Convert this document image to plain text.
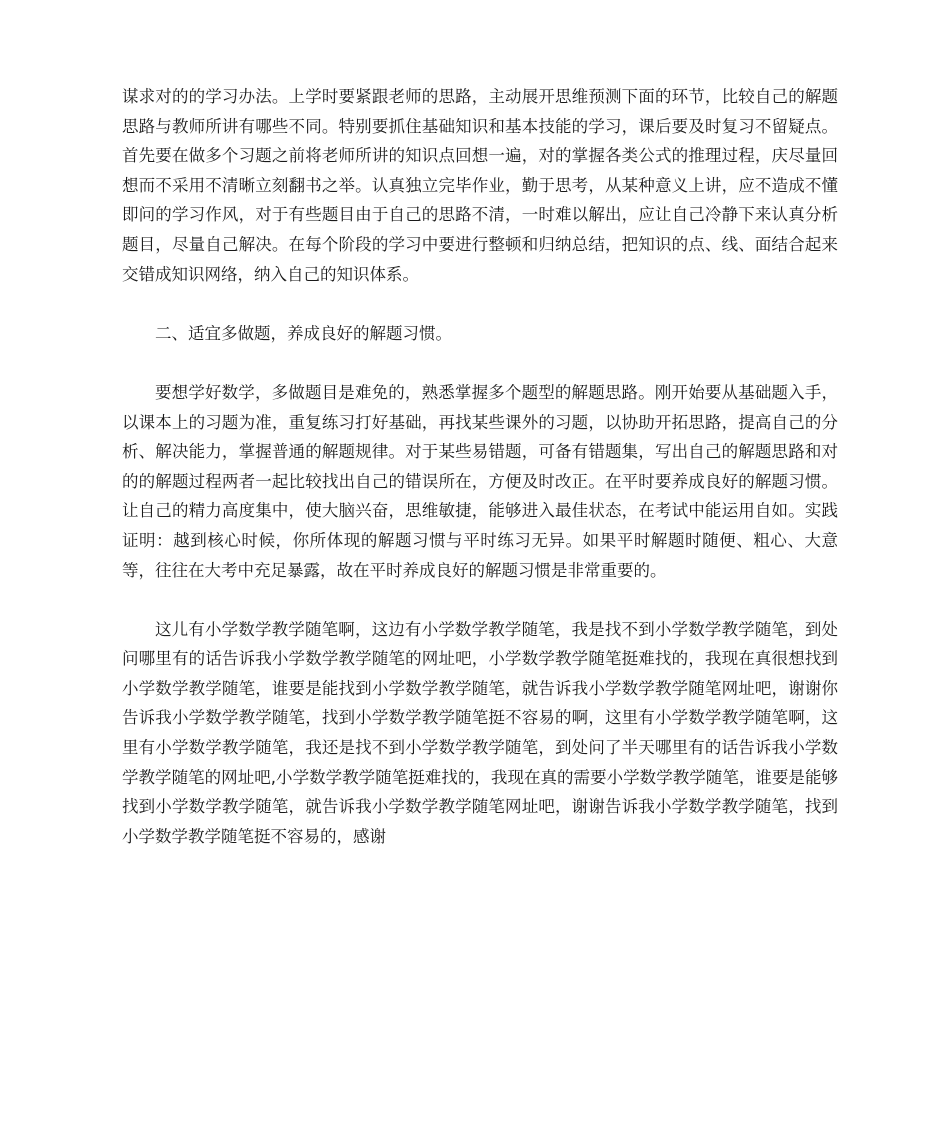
谋求对的的学习办法。上学时要紧跟老师的思路，主动展开思维预测下面的环节，比较自己的解题思路与教师所讲有哪些不同。特别要抓住基础知识和基本技能的学习，课后要及时复习不留疑点。首先要在做多个习题之前将老师所讲的知识点回想一遍，对的掌握各类公式的推理过程，庆尽量回想而不采用不清晰立刻翻书之举。认真独立完毕作业，勤于思考，从某种意义上讲，应不造成不懂即问的学习作风，对于有些题目由于自己的思路不清，一时难以解出，应让自己冷静下来认真分析题目，尽量自己解决。在每个阶段的学习中要进行整顿和归纳总结，把知识的点、线、面结合起来交错成知识网络，纳入自己的知识体系。

二、适宜多做题，养成良好的解题习惯。

要想学好数学，多做题目是难免的，熟悉掌握多个题型的解题思路。刚开始要从基础题入手，以课本上的习题为准，重复练习打好基础，再找某些课外的习题，以协助开拓思路，提高自己的分析、解决能力，掌握普通的解题规律。对于某些易错题，可备有错题集，写出自己的解题思路和对的的解题过程两者一起比较找出自己的错误所在，方便及时改正。在平时要养成良好的解题习惯。让自己的精力高度集中，使大脑兴奋，思维敏捷，能够进入最佳状态，在考试中能运用自如。实践证明：越到核心时候，你所体现的解题习惯与平时练习无异。如果平时解题时随便、粗心、大意等，往往在大考中充足暴露，故在平时养成良好的解题习惯是非常重要的。

这儿有小学数学教学随笔啊，这边有小学数学教学随笔，我是找不到小学数学教学随笔，到处问哪里有的话告诉我小学数学教学随笔的网址吧，小学数学教学随笔挺难找的，我现在真很想找到小学数学教学随笔，谁要是能找到小学数学教学随笔，就告诉我小学数学教学随笔网址吧，谢谢你告诉我小学数学教学随笔，找到小学数学教学随笔挺不容易的啊，这里有小学数学教学随笔啊，这里有小学数学教学随笔，我还是找不到小学数学教学随笔，到处问了半天哪里有的话告诉我小学数学教学随笔的网址吧,小学数学教学随笔挺难找的，我现在真的需要小学数学教学随笔，谁要是能够找到小学数学教学随笔，就告诉我小学数学教学随笔网址吧，谢谢告诉我小学数学教学随笔，找到小学数学教学随笔挺不容易的，感谢
